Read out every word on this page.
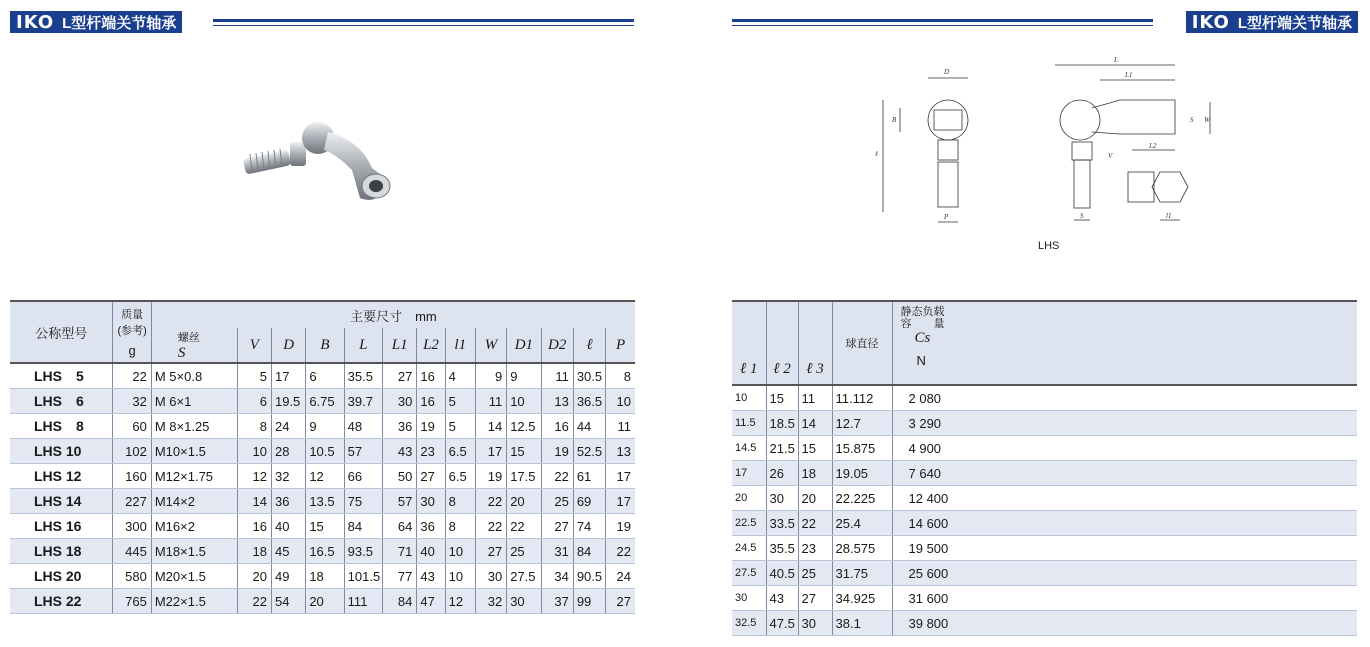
IKO L型杆端关节轴承	IKO L型杆端关节轴承
D
B
ℓ
P
L
L1
L2
S W
V
S	l1
LHS
公称型号	质量
(参考)	主要尺寸　mm												

		螺丝
S	V	D	B	L	L1	L2	l1	W	D1	D2	ℓ	P
	g													
LHS　5	22	M 5×0.8	5	17	6	35.5	27	16	4	9	9	11	30.5	8
LHS　6	32	M 6×1	6	19.5	6.75	39.7	30	16	5	11	10	13	36.5	10
LHS　8	60	M 8×1.25	8	24	9	48	36	19	5	14	12.5	16	44	11
LHS 10	102	M10×1.5	10	28	10.5	57	43	23	6.5	17	15	19	52.5	13
LHS 12	160	M12×1.75	12	32	12	66	50	27	6.5	19	17.5	22	61	17
LHS 14	227	M14×2	14	36	13.5	75	57	30	8	22	20	25	69	17
LHS 16	300	M16×2	16	40	15	84	64	36	8	22	22	27	74	19
LHS 18	445	M18×1.5	18	45	16.5	93.5	71	40	10	27	25	31	84	22
LHS 20	580	M20×1.5	20	49	18	101.5	77	43	10	30	27.5	34	90.5	24
LHS 22	765	M22×1.5	22	54	20	111	84	47	12	32	30	37	99	27
ℓ 1	ℓ 2	ℓ 3	球直径	静态负载
容　　量
Cs
N

10	15	11	11.112	2 080
11.5	18.5	14	12.7	3 290
14.5	21.5	15	15.875	4 900
17	26	18	19.05	7 640
20	30	20	22.225	12 400
22.5	33.5	22	25.4	14 600
24.5	35.5	23	28.575	19 500
27.5	40.5	25	31.75	25 600
30	43	27	34.925	31 600
32.5	47.5	30	38.1	39 800
